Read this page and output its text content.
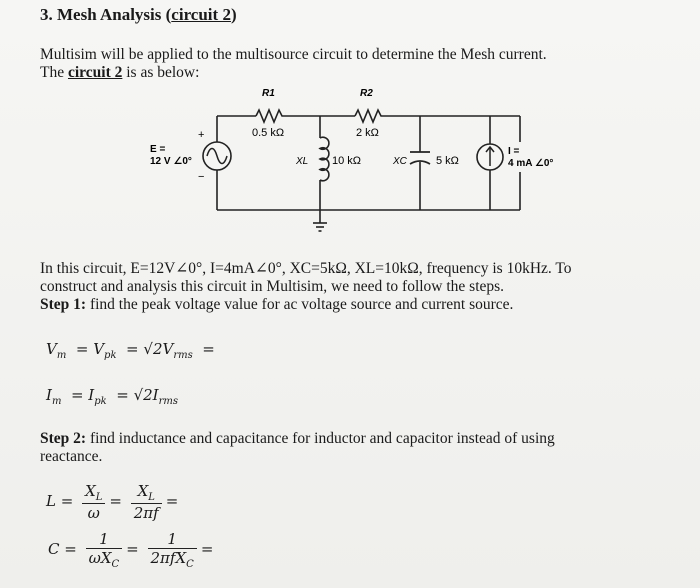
3. Mesh Analysis (circuit 2)
Multisim will be applied to the multisource circuit to determine the Mesh current.
The circuit 2 is as below:
R1
0.5 kΩ
R2
2 kΩ
+
−
E =
12 V ∠0°	XL 10 kΩ	XC	5 kΩ
I =
4 mA ∠0°
In this circuit, E=12V∠0°, I=4mA∠0°, XC=5kΩ, XL=10kΩ, frequency is 10kHz. To
construct and analysis this circuit in Multisim, we need to follow the steps.
Step 1: find the peak voltage value for ac voltage source and current source.
$V_m = V_{pk} = √2V_{rms}$ =
$I_m = I_{pk} = √2I_{rms}$
Step 2: find inductance and capacitance for inductor and capacitor instead of using
reactance.
$L = \frac{X_L}{\omega} = \frac{X_L}{2\pi f}$ =
$C = \frac{1}{\omega X_C} = \frac{1}{2\pi fX_C}$ =
